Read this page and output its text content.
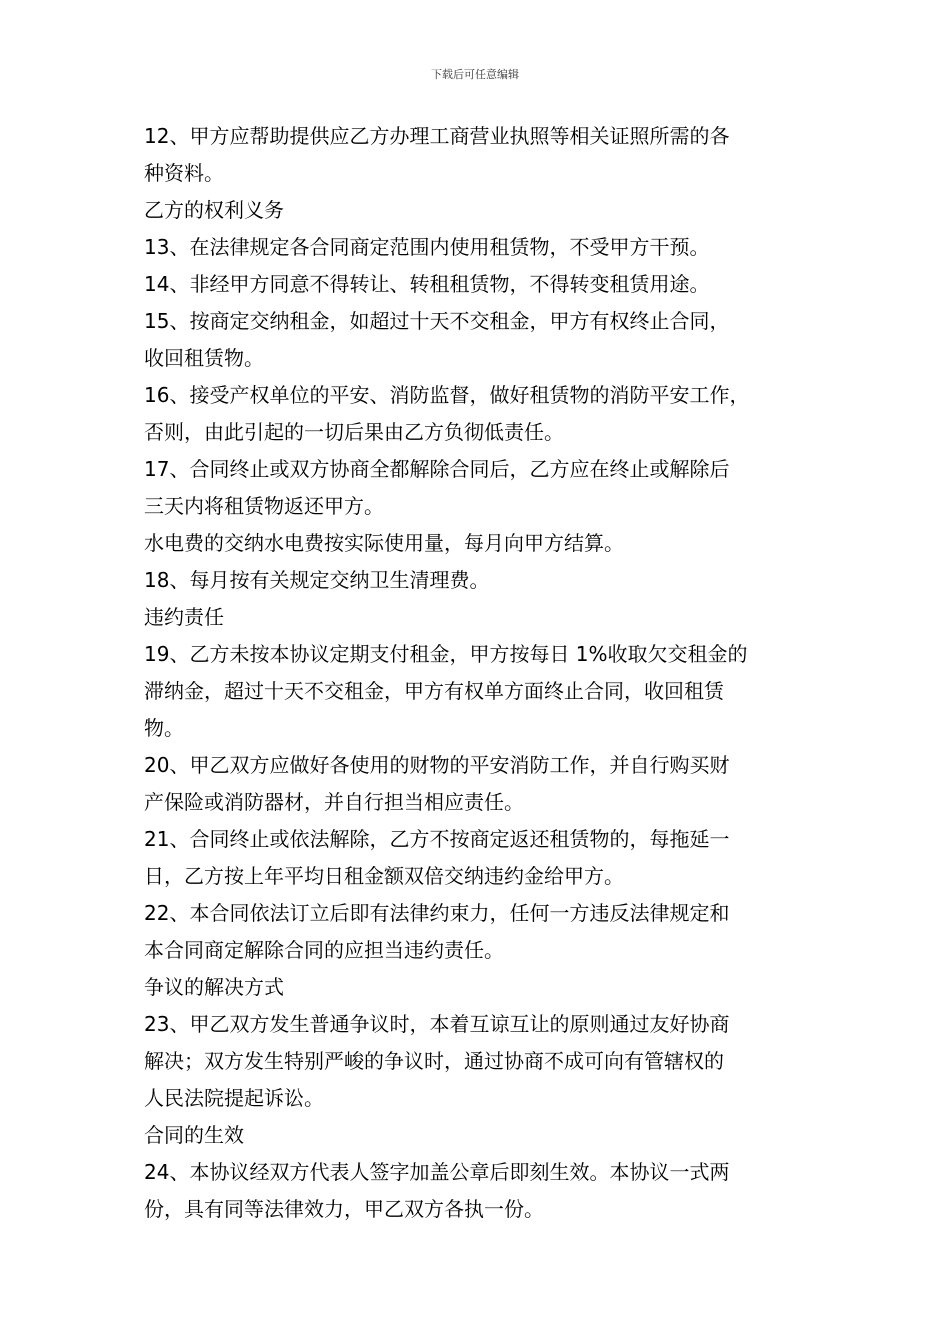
下载后可任意编辑
12、甲方应帮助提供应乙方办理工商营业执照等相关证照所需的各
种资料。
乙方的权利义务
13、在法律规定各合同商定范围内使用租赁物，不受甲方干预。
14、非经甲方同意不得转让、转租租赁物，不得转变租赁用途。
15、按商定交纳租金，如超过十天不交租金，甲方有权终止合同，
收回租赁物。
16、接受产权单位的平安、消防监督，做好租赁物的消防平安工作，
否则，由此引起的一切后果由乙方负彻低责任。
17、合同终止或双方协商全都解除合同后，乙方应在终止或解除后
三天内将租赁物返还甲方。
水电费的交纳水电费按实际使用量，每月向甲方结算。
18、每月按有关规定交纳卫生清理费。
违约责任
19、乙方未按本协议定期支付租金，甲方按每日 1%收取欠交租金的
滞纳金，超过十天不交租金，甲方有权单方面终止合同，收回租赁
物。
20、甲乙双方应做好各使用的财物的平安消防工作，并自行购买财
产保险或消防器材，并自行担当相应责任。
21、合同终止或依法解除，乙方不按商定返还租赁物的，每拖延一
日，乙方按上年平均日租金额双倍交纳违约金给甲方。
22、本合同依法订立后即有法律约束力，任何一方违反法律规定和
本合同商定解除合同的应担当违约责任。
争议的解决方式
23、甲乙双方发生普通争议时，本着互谅互让的原则通过友好协商
解决；双方发生特别严峻的争议时，通过协商不成可向有管辖权的
人民法院提起诉讼。
合同的生效
24、本协议经双方代表人签字加盖公章后即刻生效。本协议一式两
份，具有同等法律效力，甲乙双方各执一份。
